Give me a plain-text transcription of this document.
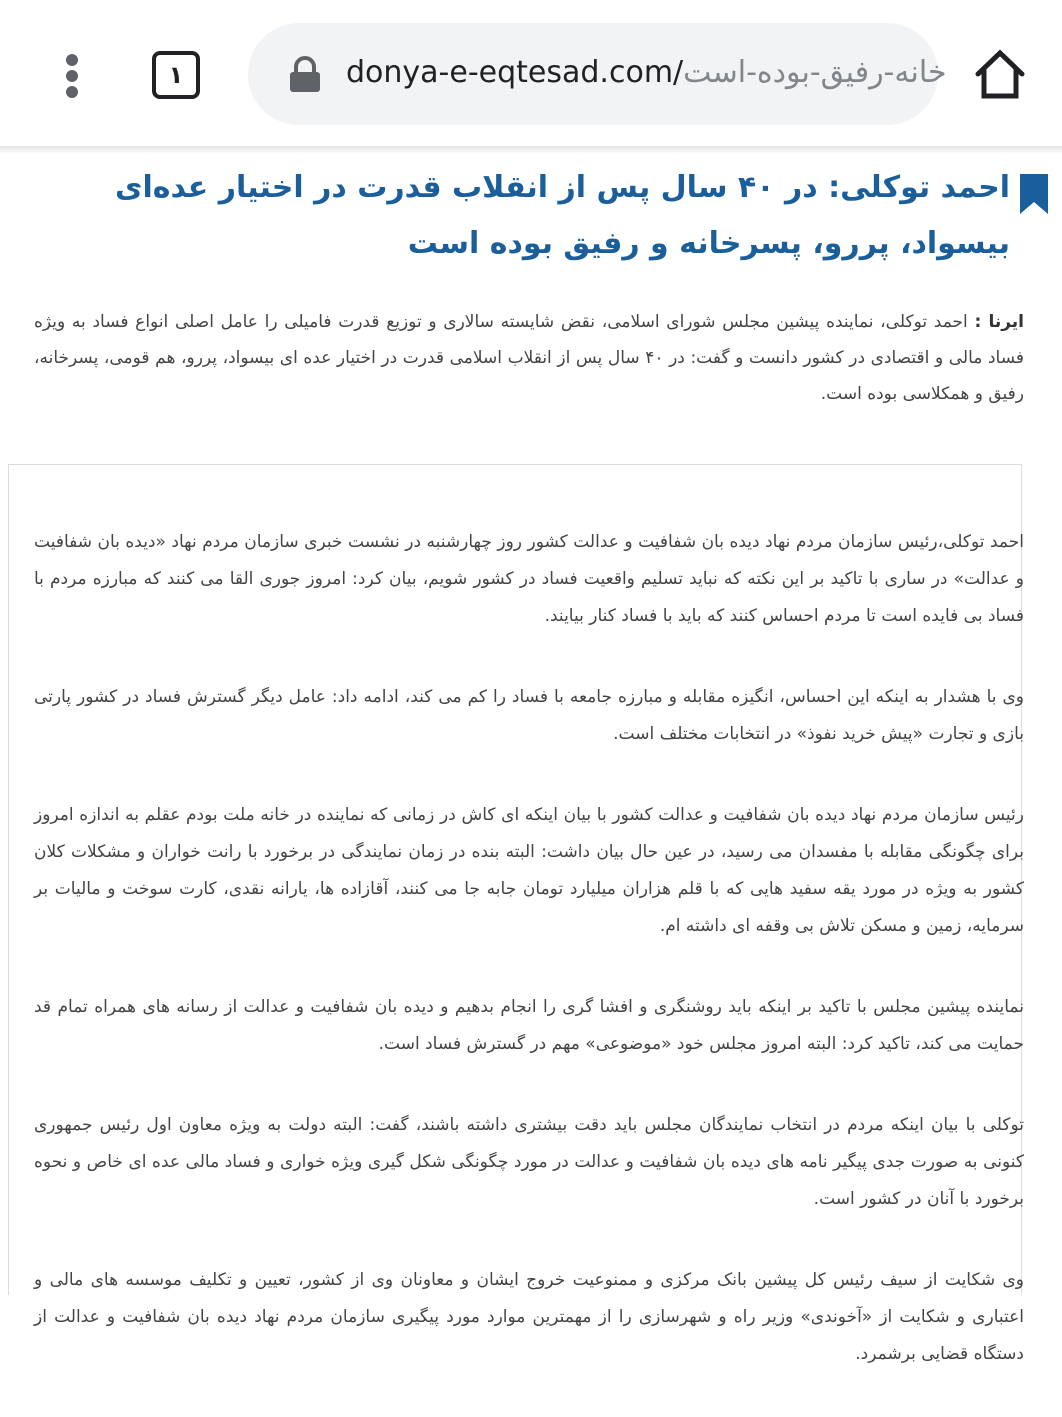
۱	donya-e-eqtesad.com/خانه-رفیق-بوده-است
احمد توکلی: در ۴۰ سال پس از انقلاب قدرت در اختیار عده‌ای بیسواد، پررو، پسرخانه و رفیق بوده است

ایرنا : احمد توکلی، نماینده پیشین مجلس شورای اسلامی، نقض شایسته سالاری و توزیع قدرت فامیلی را عامل اصلی انواع فساد به ویژه فساد مالی و اقتصادی در کشور دانست و گفت: در ۴۰ سال پس از انقلاب اسلامی قدرت در اختیار عده ای بیسواد، پررو، هم قومی، پسرخانه، رفیق و همکلاسی بوده است.

احمد توکلی،رئیس سازمان مردم نهاد دیده بان شفافیت و عدالت کشور روز چهارشنبه در نشست خبری سازمان مردم نهاد «دیده بان شفافیت و عدالت» در ساری با تاکید بر این نکته که نباید تسلیم واقعیت فساد در کشور شویم، بیان کرد: امروز جوری القا می کنند که مبارزه مردم با فساد بی فایده است تا مردم احساس کنند که باید با فساد کنار بیایند.

وی با هشدار به اینکه این احساس، انگیزه مقابله و مبارزه جامعه با فساد را کم می کند، ادامه داد: عامل دیگر گسترش فساد در کشور پارتی بازی و تجارت «پیش خرید نفوذ» در انتخابات مختلف است.

رئیس سازمان مردم نهاد دیده بان شفافیت و عدالت کشور با بیان اینکه ای کاش در زمانی که نماینده در خانه ملت بودم عقلم به اندازه امروز برای چگونگی مقابله با مفسدان می رسید، در عین حال بیان داشت: البته بنده در زمان نمایندگی در برخورد با رانت خواران و مشکلات کلان کشور به ویژه در مورد یقه سفید هایی که با قلم هزاران میلیارد تومان جابه جا می کنند، آقازاده ها، یارانه نقدی، کارت سوخت و مالیات بر سرمایه، زمین و مسکن تلاش بی وقفه ای داشته ام.

نماینده پیشین مجلس با تاکید بر اینکه باید روشنگری و افشا گری را انجام بدهیم و دیده بان شفافیت و عدالت از رسانه های همراه تمام قد حمایت می کند، تاکید کرد: البته امروز مجلس خود «موضوعی» مهم در گسترش فساد است.

توکلی با بیان اینکه مردم در انتخاب نمایندگان مجلس باید دقت بیشتری داشته باشند، گفت: البته دولت به ویژه معاون اول رئیس جمهوری کنونی به صورت جدی پیگیر نامه های دیده بان شفافیت و عدالت در مورد چگونگی شکل گیری ویژه خواری و فساد مالی عده ای خاص و نحوه برخورد با آنان در کشور است.

وی شکایت از سیف رئیس کل پیشین بانک مرکزی و ممنوعیت خروج ایشان و معاونان وی از کشور، تعیین و تکلیف موسسه های مالی و اعتباری و شکایت از «آخوندی» وزیر راه و شهرسازی را از مهمترین موارد مورد پیگیری سازمان مردم نهاد دیده بان شفافیت و عدالت از دستگاه قضایی برشمرد.
